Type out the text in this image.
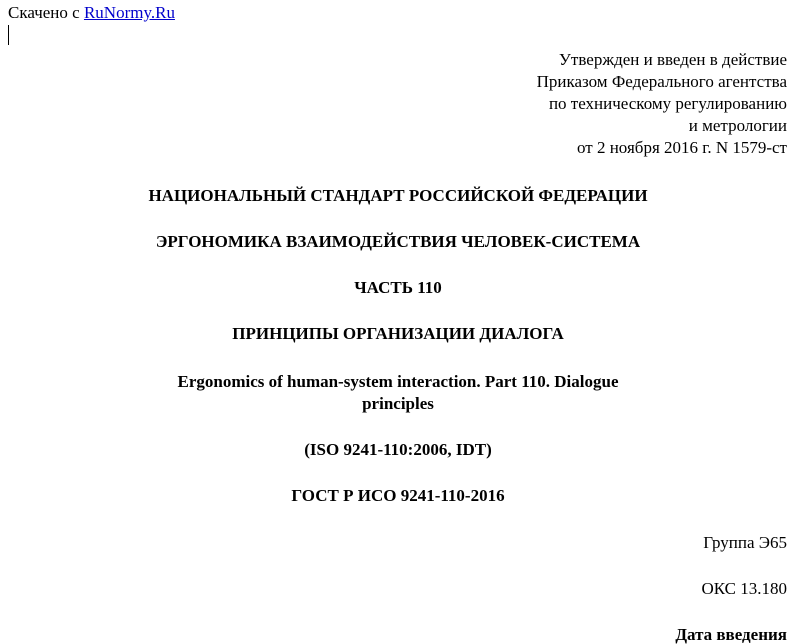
Скачено с RuNormy.Ru
Утвержден и введен в действие
Приказом Федерального агентства
по техническому регулированию
и метрологии
от 2 ноября 2016 г. N 1579-ст
НАЦИОНАЛЬНЫЙ СТАНДАРТ РОССИЙСКОЙ ФЕДЕРАЦИИ
ЭРГОНОМИКА ВЗАИМОДЕЙСТВИЯ ЧЕЛОВЕК-СИСТЕМА
ЧАСТЬ 110
ПРИНЦИПЫ ОРГАНИЗАЦИИ ДИАЛОГА
Ergonomics of human-system interaction. Part 110. Dialogue
principles
(ISO 9241-110:2006, IDT)
ГОСТ Р ИСО 9241-110-2016
Группа Э65
ОКС 13.180
Дата введения
